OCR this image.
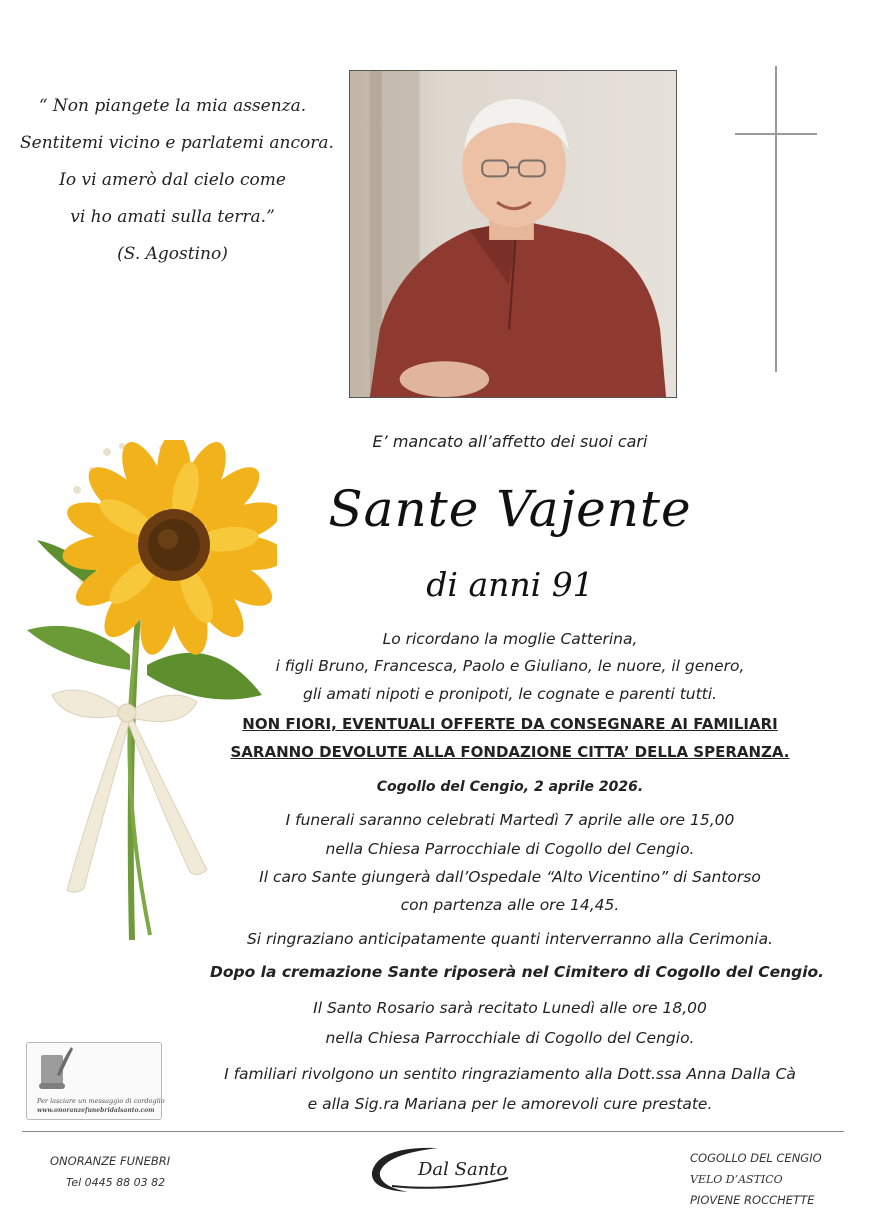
“ Non piangete la mia assenza.
Sentitemi vicino e parlatemi ancora.
Io vi amerò dal cielo come
vi ho amati sulla terra.”
(S. Agostino)
E’ mancato all’affetto dei suoi cari
Sante Vajente
di anni 91
Lo ricordano la moglie Catterina,
i figli Bruno, Francesca, Paolo e Giuliano, le nuore, il genero,
gli amati nipoti e pronipoti, le cognate e parenti tutti.
NON FIORI, EVENTUALI OFFERTE DA CONSEGNARE AI FAMILIARI
SARANNO DEVOLUTE ALLA FONDAZIONE CITTA’ DELLA SPERANZA.
Cogollo del Cengio, 2 aprile 2026.
I funerali saranno celebrati Martedì 7 aprile alle ore 15,00
nella Chiesa Parrocchiale di Cogollo del Cengio.
Il caro Sante giungerà dall’Ospedale “Alto Vicentino” di Santorso
con partenza alle ore 14,45.
Si ringraziano anticipatamente quanti interverranno alla Cerimonia.
Dopo la cremazione Sante riposerà nel Cimitero di Cogollo del Cengio.
Il Santo Rosario sarà recitato Lunedì alle ore 18,00
nella Chiesa Parrocchiale di Cogollo del Cengio.
I familiari rivolgono un sentito ringraziamento alla Dott.ssa Anna Dalla Cà
e alla Sig.ra Mariana per le amorevoli cure prestate.
Per lasciare un messaggio di cordoglio
www.onoranzefunebridalsanto.com
ONORANZE FUNEBRI
Tel 0445 88 03 82
Dal Santo
COGOLLO DEL CENGIO
VELO D’ASTICO
PIOVENE ROCCHETTE
